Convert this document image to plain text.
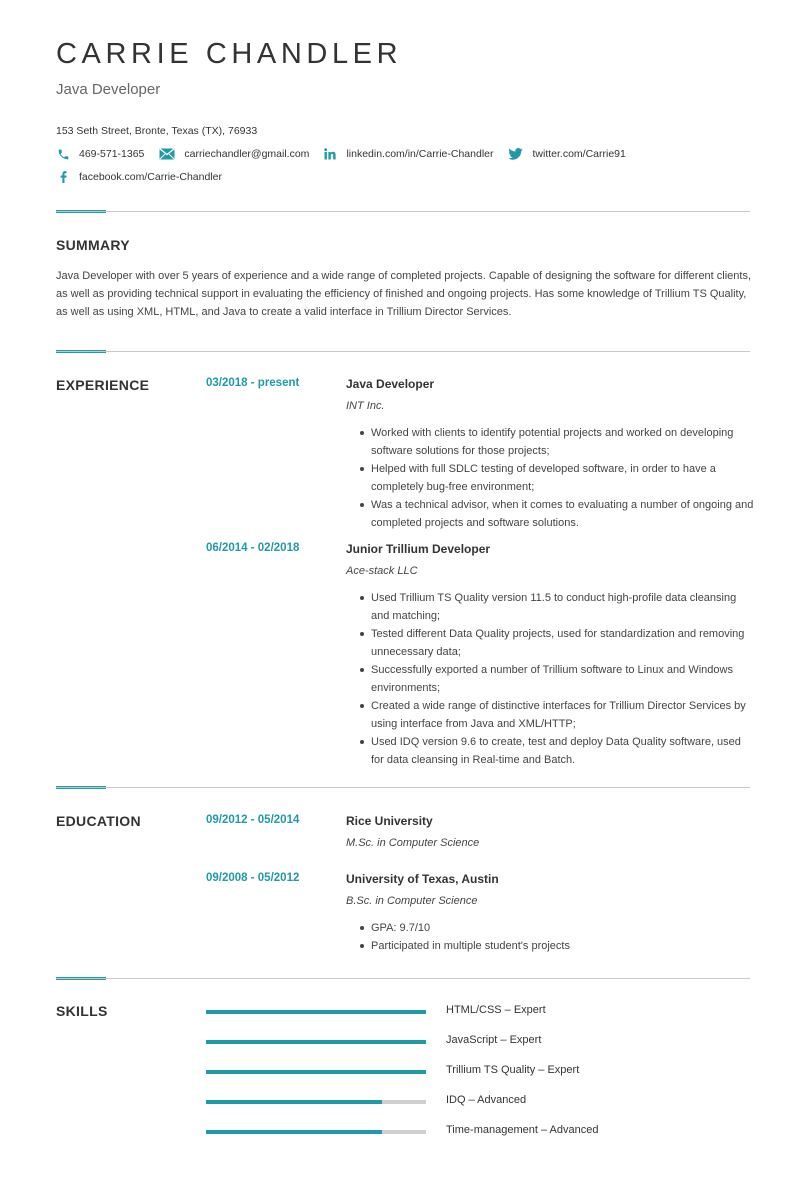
CARRIE CHANDLER
Java Developer
153 Seth Street, Bronte, Texas (TX), 76933
469-571-1365	carriechandler@gmail.com	linkedin.com/in/Carrie-Chandler	twitter.com/Carrie91
facebook.com/Carrie-Chandler
SUMMARY

Java Developer with over 5 years of experience and a wide range of completed projects. Capable of designing the software for different clients, as well as providing technical support in evaluating the efficiency of finished and ongoing projects. Has some knowledge of Trillium TS Quality, as well as using XML, HTML, and Java to create a valid interface in Trillium Director Services.

EXPERIENCE	03/2018 - present	Java Developer
INT Inc.
Worked with clients to identify potential projects and worked on developing software solutions for those projects;
Helped with full SDLC testing of developed software, in order to have a completely bug-free environment;
Was a technical advisor, when it comes to evaluating a number of ongoing and completed projects and software solutions.
06/2014 - 02/2018	Junior Trillium Developer
Ace-stack LLC
Used Trillium TS Quality version 11.5 to conduct high-profile data cleansing and matching;
Tested different Data Quality projects, used for standardization and removing unnecessary data;
Successfully exported a number of Trillium software to Linux and Windows environments;
Created a wide range of distinctive interfaces for Trillium Director Services by using interface from Java and XML/HTTP;
Used IDQ version 9.6 to create, test and deploy Data Quality software, used for data cleansing in Real-time and Batch.
EDUCATION	09/2012 - 05/2014	Rice University
M.Sc. in Computer Science
09/2008 - 05/2012	University of Texas, Austin
B.Sc. in Computer Science
GPA: 9.7/10
Participated in multiple student's projects
SKILLS	HTML/CSS – Expert
JavaScript – Expert
Trillium TS Quality – Expert
IDQ – Advanced
Time-management – Advanced
